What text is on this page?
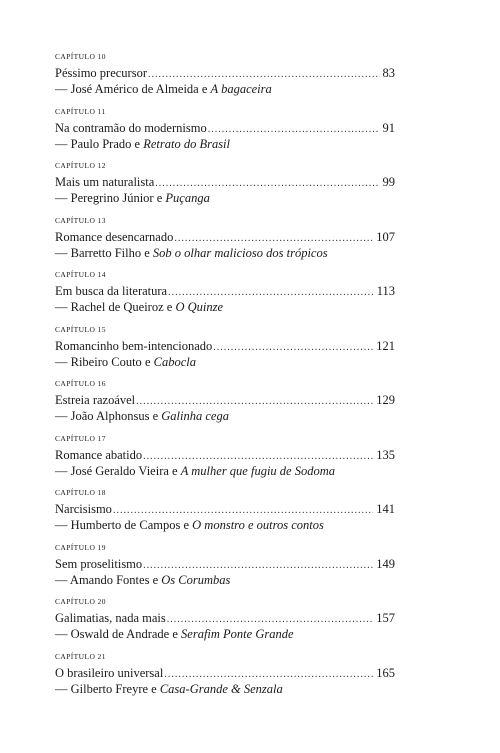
CAPÍTULO 10
Péssimo precursor .....	83
— José Américo de Almeida e A bagaceira
CAPÍTULO 11
Na contramão do modernismo .....	91
— Paulo Prado e Retrato do Brasil
CAPÍTULO 12
Mais um naturalista .....	99
— Peregrino Júnior e Puçanga
CAPÍTULO 13
Romance desencarnado .....	107
— Barretto Filho e Sob o olhar malicioso dos trópicos
CAPÍTULO 14
Em busca da literatura .....	113
— Rachel de Queiroz e O Quinze
CAPÍTULO 15
Romancinho bem-intencionado .....	121
— Ribeiro Couto e Cabocla
CAPÍTULO 16
Estreia razoável .....	129
— João Alphonsus e Galinha cega
CAPÍTULO 17
Romance abatido .....	135
— José Geraldo Vieira e A mulher que fugiu de Sodoma
CAPÍTULO 18
Narcisismo .....	141
— Humberto de Campos e O monstro e outros contos
CAPÍTULO 19
Sem proselitismo .....	149
— Amando Fontes e Os Corumbas
CAPÍTULO 20
Galimatias, nada mais .....	157
— Oswald de Andrade e Serafim Ponte Grande
CAPÍTULO 21
O brasileiro universal .....	165
— Gilberto Freyre e Casa-Grande & Senzala
